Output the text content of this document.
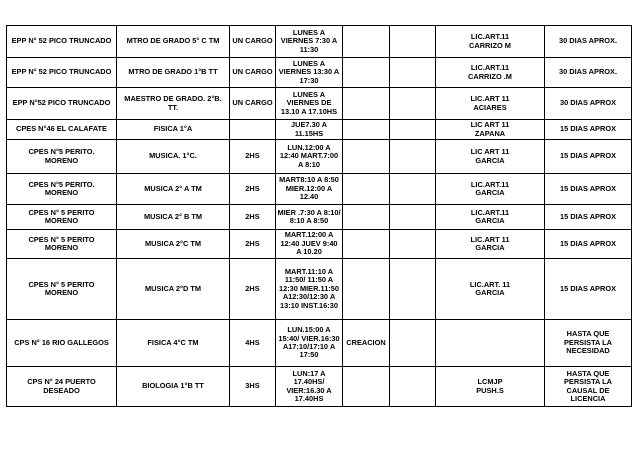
EPP N° 52 PICO TRUNCADO	MTRO DE GRADO 5° C TM	UN CARGO	LUNES A
VIERNES 7:30 A
11:30			LIC.ART.11
CARRIZO M	30 DIAS APROX.
EPP N° 52 PICO TRUNCADO	MTRO DE GRADO 1°B TT	UN CARGO	LUNES A
VIERNES 13:30 A
17:30			LIC.ART.11
CARRIZO .M	30 DIAS APROX.
EPP N°52 PICO TRUNCADO	MAESTRO DE GRADO. 2°B.
TT.	UN CARGO	LUNES A
VIERNES DE
13.10 A 17.10HS			LIC.ART 11
ACIARES	30 DIAS APROX
CPES N°46 EL CALAFATE	FISICA 1°A		JUE7.30 A
11.15HS			LIC ART 11
ZAPANA	15 DIAS APROX
CPES N°5 PERITO.
MORENO	MUSICA. 1°C.	2HS	LUN.12:00 A
12:40 MART.7:00
A 8:10			LIC ART 11
GARCIA	15 DIAS APROX
CPES N°5 PERITO.
MORENO	MUSICA 2° A TM	2HS	MART8:10 A 8:50
MIER.12:00 A
12.40			LIC.ART.11
GARCIA	15 DIAS APROX
CPES N° 5 PERITO
MORENO	MUSICA 2° B TM	2HS	MIER .7:30 A 8:10/
8:10 A 8:50			LIC.ART.11
GARCIA	15 DIAS APROX
CPES N° 5 PERITO
MORENO	MUSICA 2°C TM	2HS	MART.12:00 A
12:40 JUEV 9:40
A 10.20			LIC.ART 11
GARCIA	15 DIAS APROX
CPES N° 5 PERITO
MORENO	MUSICA 2°D TM	2HS	MART.11:10 A
11:50/ 11:50 A
12:30 MIER.11:50
A12:30/12:30 A
13:10 INST.16:30			LIC.ART. 11
GARCIA	15 DIAS APROX
CPS N° 16 RIO GALLEGOS	FISICA 4°C TM	4HS	LUN.15:00 A
15:40/ VIER.16:30
A17:10/17:10 A
17:50	CREACION			HASTA QUE
PERSISTA LA
NECESIDAD
CPS N° 24 PUERTO
DESEADO	BIOLOGIA 1°B TT	3HS	LUN:17 A
17.40HS/
VIER:16.30 A
17.40HS			LCMJP
PUSH.S	HASTA QUE
PERSISTA LA
CAUSAL DE
LICENCIA
